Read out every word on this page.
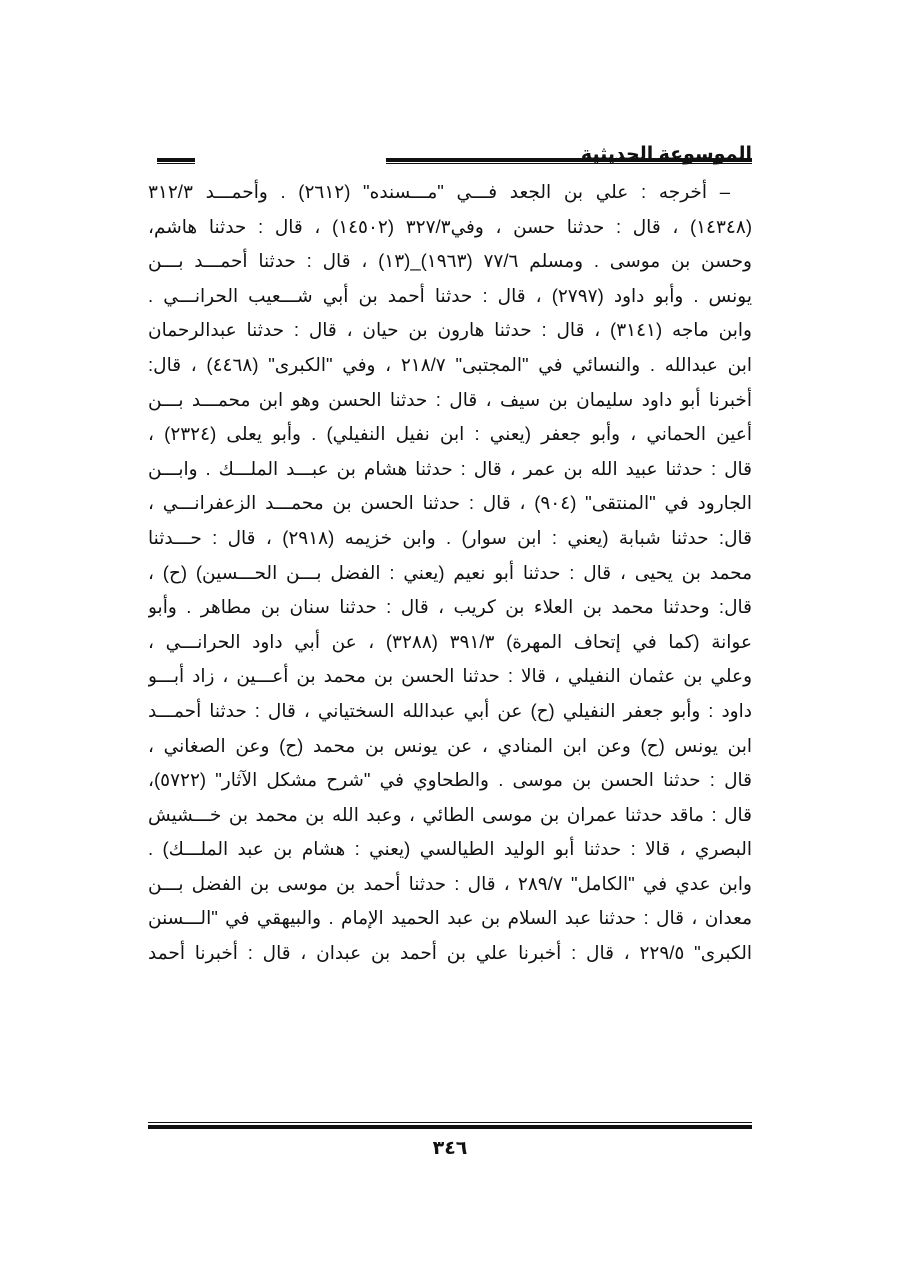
الموسوعة الحديثية
– أخرجه : علي بن الجعد فـــي "مـــسنده" (٢٦١٢) . وأحمـــد ٣١٢/٣
(١٤٣٤٨) ، قال : حدثنا حسن ، وفي٣٢٧/٣ (١٤٥٠٢) ، قال : حدثنا هاشم،
وحسن بن موسى . ومسلم ٧٧/٦ (١٩٦٣)_(١٣) ، قال : حدثنا أحمـــد بـــن
يونس . وأبو داود (٢٧٩٧) ، قال : حدثنا أحمد بن أبي شـــعيب الحرانـــي .
وابن ماجه (٣١٤١) ، قال : حدثنا هارون بن حيان ، قال : حدثنا عبدالرحمان
ابن عبدالله . والنسائي في "المجتبى" ٢١٨/٧ ، وفي "الكبرى" (٤٤٦٨) ، قال:
أخبرنا أبو داود سليمان بن سيف ، قال : حدثنا الحسن وهو ابن محمـــد بـــن
أعين الحماني ، وأبو جعفر (يعني : ابن نفيل النفيلي) . وأبو يعلى (٢٣٢٤) ،
قال : حدثنا عبيد الله بن عمر ، قال : حدثنا هشام بن عبـــد الملـــك . وابـــن
الجارود في "المنتقى" (٩٠٤) ، قال : حدثنا الحسن بن محمـــد الزعفرانـــي ،
قال: حدثنا شبابة (يعني : ابن سوار) . وابن خزيمه (٢٩١٨) ، قال : حـــدثنا
محمد بن يحيى ، قال : حدثنا أبو نعيم (يعني : الفضل بـــن الحـــسين) (ح) ،
قال: وحدثنا محمد بن العلاء بن كريب ، قال : حدثنا سنان بن مطاهر . وأبو
عوانة (كما في إتحاف المهرة) ٣٩١/٣ (٣٢٨٨) ، عن أبي داود الحرانـــي ،
وعلي بن عثمان النفيلي ، قالا : حدثنا الحسن بن محمد بن أعـــين ، زاد أبـــو
داود : وأبو جعفر النفيلي (ح) عن أبي عبدالله السختياني ، قال : حدثنا أحمـــد
ابن يونس (ح) وعن ابن المنادي ، عن يونس بن محمد (ح) وعن الصغاني ،
قال : حدثنا الحسن بن موسى . والطحاوي في "شرح مشكل الآثار" (٥٧٢٢)،
قال : ماقد حدثنا عمران بن موسى الطائي ، وعبد الله بن محمد بن خـــشيش
البصري ، قالا : حدثنا أبو الوليد الطيالسي (يعني : هشام بن عبد الملـــك) .
وابن عدي في "الكامل" ٢٨٩/٧ ، قال : حدثنا أحمد بن موسى بن الفضل بـــن
معدان ، قال : حدثنا عبد السلام بن عبد الحميد الإمام . والبيهقي في "الـــسنن
الكبرى" ٢٢٩/٥ ، قال : أخبرنا علي بن أحمد بن عبدان ، قال : أخبرنا أحمد
٣٤٦
